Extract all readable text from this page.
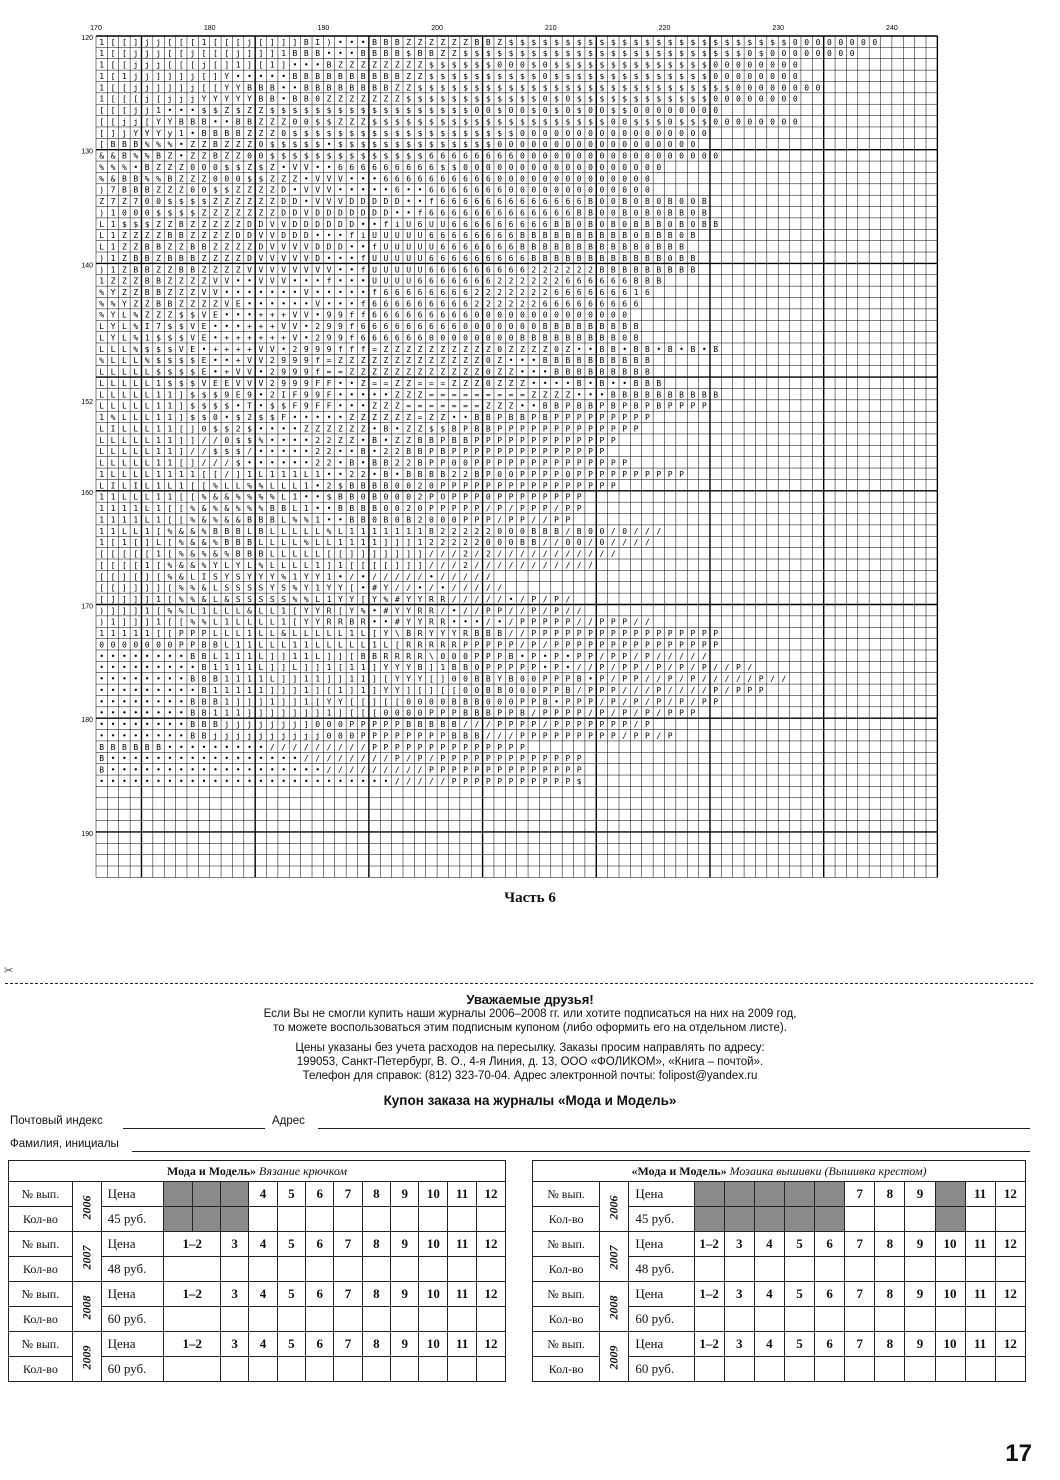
170	180	190	200	210	220	230	240
120
130
140
152
160
170
180
190
1 [ [ ] j j [ [ [ 1 [ [ [ j [ ] ] ] B I ) • • • B B B Z Z Z Z Z Z B B Z $ $ $ $ $ $ $ $ $ $ $ $ $ $ $ $ $ $ $ $ $ $ $ $ $ 0 0 0 0 0 0 0 0
1 [ [ j j j [ [ j [ [ [ j ] ] ] 1 B B B • • • B B B B $ B B Z Z $ $ $ $ $ $ $ $ $ $ $ $ $ $ $ $ $ $ $ $ $ $ $ $ $ 0 $ 0 0 0 0 0 0 0 0
1 [ [ j j j [ [ [ j [ ] 1 ] [ 1 ] • • • B Z Z Z Z Z Z Z Z $ $ $ $ $ $ 0 0 0 $ 0 $ $ $ $ $ $ $ $ $ $ $ $ $ $ 0 0 0 0 0 0 0 0
1 [ 1 j j ] ] ] j [ ] Y • • • • • B B B B B B B B B B Z Z $ $ $ $ $ $ $ $ $ $ 0 $ $ $ $ $ $ $ $ $ $ $ $ $ $ 0 0 0 0 0 0 0 0
1 [ [ j j ] ] ] j [ [ Y Y B B B • • B B B B B B B B Z Z $ $ $ $ $ $ $ $ $ $ $ $ $ $ $ $ $ $ $ $ $ $ $ $ $ $ $ $ 0 0 0 0 0 0 0 0
1 [ [ [ j [ j j j Y Y Y Y Y B B • B B 0 Z Z Z Z Z Z Z $ $ $ $ $ $ $ $ $ $ $ $ 0 $ 0 $ $ $ $ $ $ $ $ $ $ $ $ 0 0 0 0 0 0 0 0
[ [ [ j j 1 • • • $ $ Z $ Z Z $ $ $ $ $ $ $ $ $ $ $ $ $ $ $ $ $ $ 0 0 $ 0 0 $ 0 $ 0 $ 0 0 $ $ 0 0 0 0 0 0 0 0
[ [ j j [ Y Y B B B • • B B Z Z Z 0 0 $ $ Z Z Z $ $ $ $ $ $ $ $ $ $ $ $ $ $ $ $ $ $ $ $ $ 0 0 $ $ $ 0 $ $ $ 0 0 0 0 0 0 0 0
[ ] j Y Y Y y 1 • B B B B Z Z Z 0 $ $ $ $ $ $ $ $ $ $ $ $ $ $ $ $ $ $ $ $ 0 0 0 0 0 0 0 0 0 0 0 0 0 0 0 0 0
[ B B B % % % • Z Z B Z Z Z 0 $ $ $ $ $ • $ $ $ $ $ $ $ $ $ $ $ $ $ $ 0 0 0 0 0 0 0 0 0 0 0 0 0 0 0 0 0 0
& & B % % B Z • Z Z B Z Z 0 0 $ $ $ $ $ $ $ $ $ $ $ $ $ $ 6 6 6 6 6 6 6 6 0 0 0 0 0 0 0 0 0 0 0 0 0 0 0 0 0 0
% % % • B Z Z Z 0 0 0 $ $ Z $ Z • V V • • 6 6 6 6 6 6 6 6 6 $ $ 0 0 0 0 0 0 0 0 0 0 0 0 0 0 0 0 0 0
% & B B % % B Z Z Z 0 0 0 $ $ Z Z Z • V V V • • • 6 6 6 6 6 6 6 6 6 6 0 0 0 0 0 0 0 0 0 0 0 0 0 0
) 7 B B B Z Z Z 0 0 $ $ Z Z Z Z D • V V V • • • • • 6 • • 6 6 6 6 6 6 6 0 0 0 0 0 0 0 0 0 0 0 0 0
Z 7 Z 7 0 0 $ $ $ $ Z Z Z Z Z Z D D • V V V D D D D D • • f 6 6 6 6 6 6 6 6 6 6 6 6 6 B 0 0 B 0 B 0 B 0 0 B
) 1 0 0 0 $ $ $ $ Z Z Z Z Z Z Z D D V D D D D D D D • • f 6 6 6 6 6 6 6 6 6 6 6 6 6 B B 0 0 B 0 B 0 B B 0 B
L 1 $ $ $ Z Z B Z Z Z Z Z D D V V D D D D D D • • f i U 6 U U 6 6 6 6 6 6 6 6 6 B B 0 B 0 B 0 B B B 0 B 0 B B
L 1 Z Z Z Z B B Z Z Z Z D D V V D D D • • • f i U U U U U 6 6 6 6 6 6 6 6 B B B B B B B B B B 0 B B B 0 B
L 1 Z Z B B Z Z B B Z Z Z Z D V V V V D D D • • f U U U U U 6 6 6 6 6 6 6 B B B B B B B B B B B 0 B B B
) 1 Z B B Z B B B Z Z Z Z D V V V V V D • • • f U U U U U 6 6 6 6 6 6 6 6 6 B B B B B B B B B B B B 0 B B
) 1 Z B B Z Z B B Z Z Z Z V V V V V V V V • • f U U U U U 6 6 6 6 6 6 6 6 6 2 2 2 2 2 2 B B B B B B B B B
1 Z Z Z B B Z Z Z Z V V • • V V V • • • f • • • U U U U 6 6 6 6 6 6 6 2 2 2 2 2 2 6 6 6 6 6 6 B B B
% Y Z Z B B Z Z Z V V • • • • • • • V • • • • • f 6 6 6 6 6 6 6 6 2 2 2 2 2 2 2 6 6 6 6 6 6 6 1 6
% % Y Z Z B B Z Z Z Z V E • • • • • • V • • • f 6 6 6 6 6 6 6 6 6 2 2 2 2 2 2 6 6 6 6 6 6 6 6 6
% Y L % Z Z Z $ $ V E • • • + + + V V • 9 9 f f 6 6 6 6 6 6 6 6 6 0 0 0 0 0 0 0 0 0 0 0 0 0 0
L Y L % I 7 $ $ V E • • • + + + V V • 2 9 9 f 6 6 6 6 6 6 6 6 6 0 0 0 0 0 0 0 B B B B B B B B B
L Y L % 1 $ $ $ V E • + + + + + + V • 2 9 9 f 6 6 6 6 6 6 0 0 0 0 0 0 0 0 B B B B B B B B B 0 B
L L L % $ $ $ V E • + + + + V V • 2 9 9 9 f f f = Z Z Z Z Z Z Z Z Z Z 0 Z Z Z Z 0 Z • • B B • B B • B • B • B
% L L L % $ $ $ $ E • • + V V 2 9 9 9 f = Z Z Z Z Z Z Z Z Z Z Z Z Z 0 Z • • • B B B B B B B B B B
L L L L L $ $ $ $ E • + V V • 2 9 9 9 f = = Z Z Z Z Z Z Z Z Z Z Z Z 0 Z Z • • • B B B B B B B B B
L L L L L 1 $ $ $ V E E V V V 2 9 9 9 F F • • Z = = Z Z = = = Z Z Z 0 Z Z Z • • • • B • B • • B B B
L L L L L 1 1 ] $ $ $ 9 E 9 • 2 I F 9 9 F • • • • • Z Z Z = = = = = = = = = Z Z Z Z • • • B B B B B B B B B B
L L L L L 1 1 ] $ $ $ $ • T • $ $ F 9 F F • • • Z Z Z = = = = = = = Z Z Z • • B B P B B P B P B P B P P P P
1 % L L L 1 1 ] $ $ 0 • $ 2 $ $ F • • • • • Z Z Z Z Z Z = Z Z • • B B P B B P B P P P P P P P P P
L I L L L 1 1 [ ] 0 $ $ 2 $ • • • • Z Z Z Z Z Z • B • Z Z $ $ B P B B P P P P P P P P P P P P P
L L L L L 1 1 ] ] / / 0 $ $ % • • • • 2 2 Z Z • B • Z Z B B P B B P P P P P P P P P P P P P
L L L L L 1 1 ] / / $ $ $ / • • • • • 2 2 • • B • 2 2 B B P B P P P P P P P P P P P P P P
L L L L L 1 1 [ ] / / / $ • • • • • • 2 2 • B • B B 2 2 B P P 0 0 P P P P P P P P P P P P P P
1 L L L L 1 1 1 1 [ [ / ] 1 L 1 1 1 L 1 • • 2 2 • B • B B B B 2 2 B P 0 0 P P P P 0 P P P P P P P P P P
L I L I L 1 L 1 [ [ % L L % % L L L 1 • 2 $ B B B B 0 0 2 0 P P P P P P P P P P P P P P P P
1 1 L L L 1 1 [ [ % & & % % % % L 1 • • $ B B 0 B 0 0 0 2 P O P P P 0 P P P P P P P P
1 1 1 1 L 1 [ [ % & % & % % % B B L 1 • • B B B B 0 0 2 0 P P P P P / P / P P P / P P
1 1 1 1 L 1 [ [ % & % & & B B B L % % 1 • • B B 0 B 0 B 2 0 0 0 P P P / P P / / P P
1 1 L L 1 [ % & & % B B B L B L L L L L % L 1 1 1 1 1 1 1 B 2 2 2 2 2 0 0 0 B B B / B 0 0 / 0 / / /
1 [ 1 [ ] L [ % & & % B B B L L L L % L L 1 1 1 1 ] ] ] 1 2 2 2 2 2 0 0 0 B B / / 0 0 / 0 / / / /
[ [ [ [ [ 1 [ % & % & % B B B L L L L L [ [ ] ] ] ] ] ] ] / / / 2 / 2 / / / / / / / / / / /
[ [ [ [ 1 [ % & & % Y L Y L % L L L L 1 ] 1 [ [ [ [ ] ] ] / / / 2 / / / / / / / / / / /
[ [ ] [ ] [ % & L I S Y S Y Y Y % 1 Y Y 1 • / • / / / / / • / / / / /
[ [ ] ] ] ] [ % % & L S S S S Y S % Y 1 Y Y [ • # Y / / • / • / / / / /
[ ] ] ] ] 1 [ % % & L & S S S S S % % L 1 Y Y [ Y % # Y Y R R / / / / / • / P / P /
) ] ] ] 1 [ % % L 1 L L L & L L 1 [ Y Y R [ Y % • # Y Y R R / • / / P P / / P / P / /
) 1 ] ] ] 1 [ [ % % L 1 L L L L 1 [ Y Y R R B R • • # Y Y R R • • • / • / P P P P P / / P P P / /
1 1 1 1 1 [ [ P P P L L L 1 L L & L L L L L 1 L [ Y \ B R Y Y Y R B B B / / P P P P P P P P P P P P P P P P P
0 0 0 0 0 0 0 P P B B L 1 1 L L L 1 1 L L L L L 1 L [ R R R R R P P P P P / P / P P P P P P P P P P P P P P P
• • • • • • • • B B L 1 1 1 L ] ] 1 1 L ] ] [ B B R R R R \ 0 0 0 P P P B • P • P • P P / P P / P / / / / /
• • • • • • • • • B 1 1 1 1 L ] ] L ] ] 1 [ 1 1 ] Y Y Y B ] 1 B B 0 P P P P P • P • / / P / P P / P / P / P / / P /
• • • • • • • • B B B 1 1 1 1 L ] ] 1 1 ] ] 1 1 ] [ Y Y Y [ ] 0 0 B B Y B 0 0 P P P B • P / P P / / P / P / / / / / P / /
• • • • • • • • • B 1 1 1 1 1 ] ] ] 1 ] [ 1 ] 1 ] Y Y ] [ ] [ [ 0 0 B B 0 0 0 P P B / P P P / / / P / / / / P / P P P
• • • • • • • • B B B 1 ] ] ] 1 ] ] 1 [ Y Y [ [ ] [ [ 0 0 0 0 B B B 0 0 0 P P B • P P P / P / P / P / P / P P
• • • • • • • • B B 1 1 1 ] ] ] ] ] ] ] 1 ] [ [ [ 0 0 0 0 P P P B B B P P B / P P P P / P / P / P / P P P
• • • • • • • • B B B j j j j j j j ] 0 0 0 P P P P P B B B B B / / / P P P P / P P P P P P P / P
• • • • • • • • B B j j j j j j j j j j 0 0 0 P P P P P P P P B B B / / / P P P P P P P P P / P P / P
B B B B B B • • • • • • • • • / / / / / / / / / P P P P P P P P P P P P P P
B • • • • • • • • • • • • • • • • • / / / / / / / / P / P / P P P P P P P P P P P P P
B • • • • • • • • • • • • • • • • • • • / / / / / / / / / P P P P P P P P P P P P P P
• • • • • • • • • • • • • • • • • • • • • • • • • • / / / / / P P P P P P P P P P P $
Часть 6
✂
Уважаемые друзья!
Если Вы не смогли купить наши журналы 2006–2008 гг. или хотите подписаться на них на 2009 год,
то можете воспользоваться этим подписным купоном (либо оформить его на отдельном листе).
Цены указаны без учета расходов на пересылку. Заказы просим направлять по адресу:
199053, Санкт-Петербург, В. О., 4-я Линия, д. 13, ООО «ФОЛИКОМ», «Книга – почтой».
Телефон для справок: (812) 323-70-04. Адрес электронной почты: folipost@yandex.ru
Купон заказа на журналы «Мода и Модель»
Почтовый индекс	Адрес
Фамилия, инициалы
Мода и Модель» Вязание крючком														
№ вып.	2006	Цена				4	5	6	7	8	9	10	11	12
Кол-во		45 руб.												
№ вып.	2007	Цена	1–2		3	4	5	6	7	8	9	10	11	12
Кол-во		48 руб.												
№ вып.	2008	Цена	1–2		3	4	5	6	7	8	9	10	11	12
Кол-во		60 руб.												
№ вып.	2009	Цена	1–2		3	4	5	6	7	8	9	10	11	12
Кол-во		60 руб.												
«Мода и Модель» Мозаика вышивки (Вышивка крестом)													
№ вып.	2006	Цена						7	8	9		11	12
Кол-во		45 руб.											
№ вып.	2007	Цена	1–2	3	4	5	6	7	8	9	10	11	12
Кол-во		48 руб.											
№ вып.	2008	Цена	1–2	3	4	5	6	7	8	9	10	11	12
Кол-во		60 руб.											
№ вып.	2009	Цена	1–2	3	4	5	6	7	8	9	10	11	12
Кол-во		60 руб.											
17
